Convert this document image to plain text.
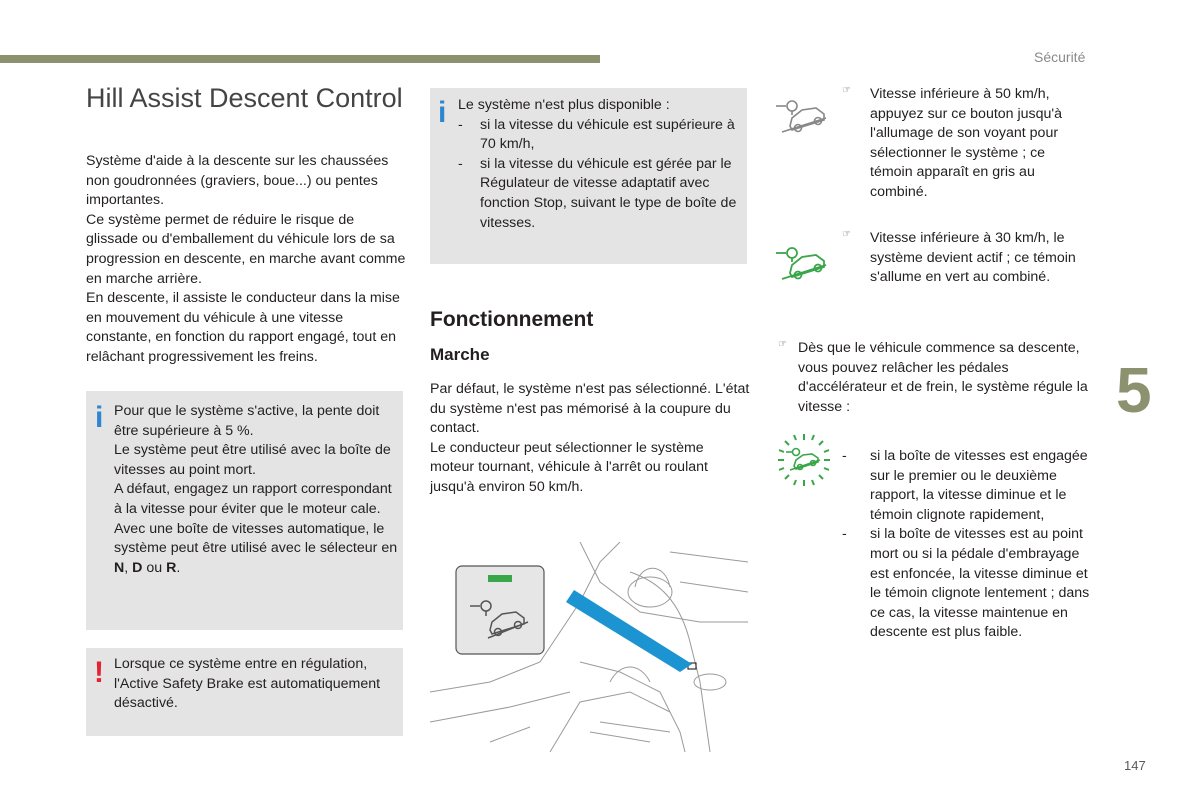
Sécurité
5
147
Hill Assist Descent Control

Système d'aide à la descente sur les chaussées non goudronnées (graviers, boue...) ou pentes importantes.

Ce système permet de réduire le risque de glissade ou d'emballement du véhicule lors de sa progression en descente, en marche avant comme en marche arrière.

En descente, il assiste le conducteur dans la mise en mouvement du véhicule à une vitesse constante, en fonction du rapport engagé, tout en relâchant progressivement les freins.

i Pour que le système s'active, la pente doit être supérieure à 5 %.
Le système peut être utilisé avec la boîte de vitesses au point mort.
A défaut, engagez un rapport correspondant à la vitesse pour éviter que le moteur cale.
Avec une boîte de vitesses automatique, le système peut être utilisé avec le sélecteur en N, D ou R.
! Lorsque ce système entre en régulation, l'Active Safety Brake est automatiquement désactivé.
i Le système n'est plus disponible :
- si la vitesse du véhicule est supérieure à 70 km/h,
- si la vitesse du véhicule est gérée par le Régulateur de vitesse adaptatif avec fonction Stop, suivant le type de boîte de vitesses.
Fonctionnement
Marche

Par défaut, le système n'est pas sélectionné. L'état du système n'est pas mémorisé à la coupure du contact.

Le conducteur peut sélectionner le système moteur tournant, véhicule à l'arrêt ou roulant jusqu'à environ 50 km/h.

☞ Vitesse inférieure à 50 km/h, appuyez sur ce bouton jusqu'à l'allumage de son voyant pour sélectionner le système ; ce témoin apparaît en gris au combiné.
☞ Vitesse inférieure à 30 km/h, le système devient actif ; ce témoin s'allume en vert au combiné.
☞ Dès que le véhicule commence sa descente, vous pouvez relâcher les pédales d'accélérateur et de frein, le système régule la vitesse :
- si la boîte de vitesses est engagée sur le premier ou le deuxième rapport, la vitesse diminue et le témoin clignote rapidement,
- si la boîte de vitesses est au point mort ou si la pédale d'embrayage est enfoncée, la vitesse diminue et le témoin clignote lentement ; dans ce cas, la vitesse maintenue en descente est plus faible.
